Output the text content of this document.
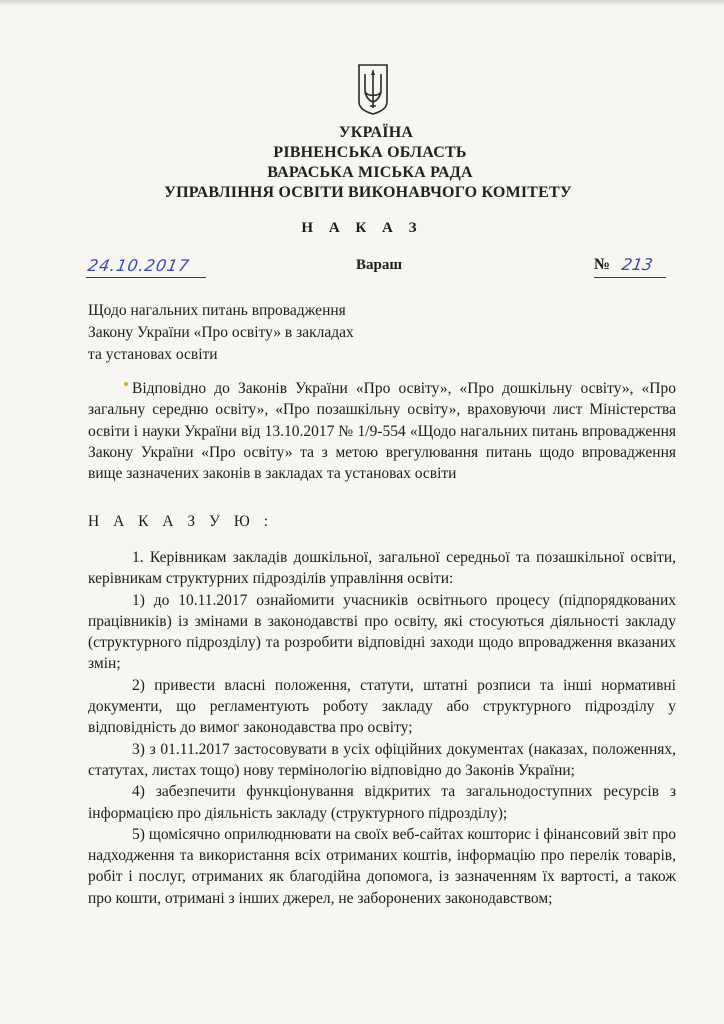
УКРАЇНА
РІВНЕНСЬКА ОБЛАСТЬ
ВАРАСЬКА МІСЬКА РАДА
УПРАВЛІННЯ ОСВІТИ ВИКОНАВЧОГО КОМІТЕТУ
Н А К А З
24.10.2017	Вараш	№ 213
Щодо нагальних питань впровадження
Закону України «Про освіту» в закладах
та установах освіти

Відповідно до Законів України «Про освіту», «Про дошкільну освіту», «Про загальну середню освіту», «Про позашкільну освіту», враховуючи лист Міністерства освіти і науки України від 13.10.2017 № 1/9-554 «Щодо нагальних питань впровадження Закону України «Про освіту» та з метою врегулювання питань щодо впровадження вище зазначених законів в закладах та установах освіти

Н А К А З У Ю :

1. Керівникам закладів дошкільної, загальної середньої та позашкільної освіти, керівникам структурних підрозділів управління освіти:

1) до 10.11.2017 ознайомити учасників освітнього процесу (підпорядкованих працівників) із змінами в законодавстві про освіту, які стосуються діяльності закладу (структурного підрозділу) та розробити відповідні заходи щодо впровадження вказаних змін;

2) привести власні положення, статути, штатні розписи та інші нормативні документи, що регламентують роботу закладу або структурного підрозділу у відповідність до вимог законодавства про освіту;

3) з 01.11.2017 застосовувати в усіх офіційних документах (наказах, положеннях, статутах, листах тощо) нову термінологію відповідно до Законів України;

4) забезпечити функціонування відкритих та загальнодоступних ресурсів з інформацією про діяльність закладу (структурного підрозділу);

5) щомісячно оприлюднювати на своїх веб-сайтах кошторис і фінансовий звіт про надходження та використання всіх отриманих коштів, інформацію про перелік товарів, робіт і послуг, отриманих як благодійна допомога, із зазначенням їх вартості, а також про кошти, отримані з інших джерел, не заборонених законодавством;
